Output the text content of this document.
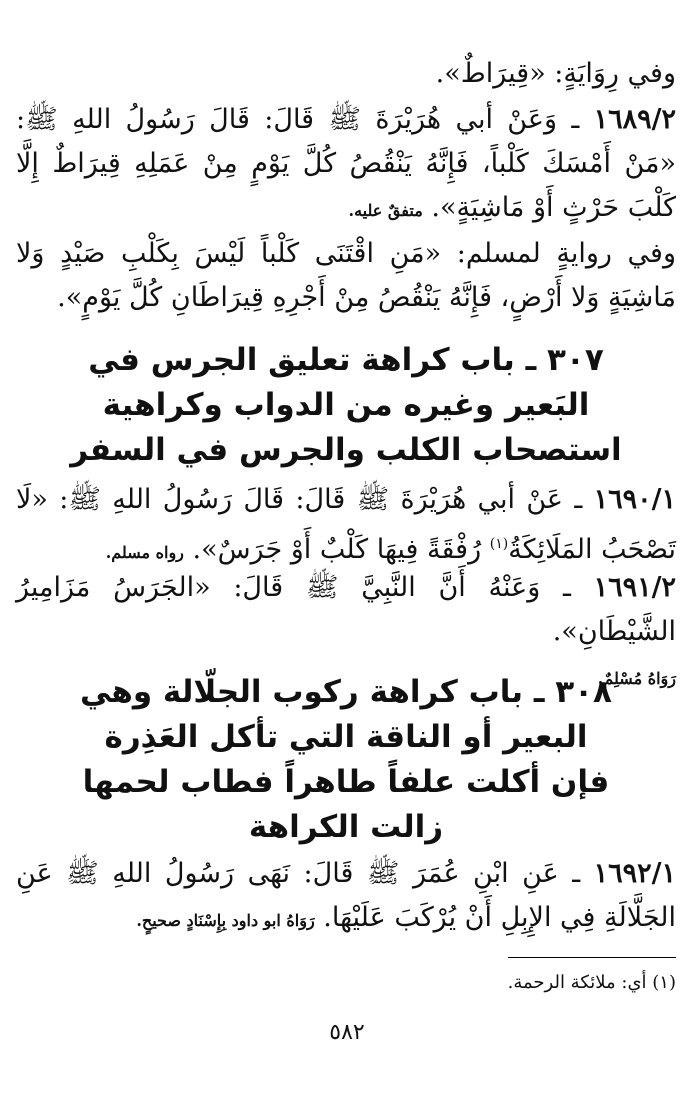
وفي رِوَايَةٍ: «قِيرَاطٌ».

١٦٨٩/٢ ـ وَعَنْ أبي هُرَيْرَةَ ﷺ قَالَ: قَالَ رَسُولُ اللهِ ﷺ: «مَنْ أَمْسَكَ كَلْباً، فَإِنَّهُ يَنْقُصُ كُلَّ يَوْمٍ مِنْ عَمَلِهِ قِيرَاطٌ إِلَّا كَلْبَ حَرْثٍ أَوْ مَاشِيَةٍ». متفقٌ عليه.

وفي روايةٍ لمسلم: «مَنِ اقْتَنَى كَلْباً لَيْسَ بِكَلْبِ صَيْدٍ وَلا مَاشِيَةٍ وَلا أَرْضٍ، فَإِنَّهُ يَنْقُصُ مِنْ أَجْرِهِ قِيرَاطَانِ كُلَّ يَوْمٍ».

٣٠٧ ـ باب كراهة تعليق الجرس في

البَعير وغيره من الدواب وكراهية

استصحاب الكلب والجرس في السفر

١٦٩٠/١ ـ عَنْ أبي هُرَيْرَةَ ﷺ قَالَ: قَالَ رَسُولُ اللهِ ﷺ: «لَا تَصْحَبُ المَلَائِكَةُ$^{(١)}$ رُفْقَةً فِيهَا كَلْبٌ أَوْ جَرَسٌ». رواه مسلم.

١٦٩١/٢ ـ وَعَنْهُ أَنَّ النَّبِيَّ ﷺ قَالَ: «الجَرَسُ مَزَامِيرُ الشَّيْطَانِ».
رَوَاهُ مُسْلِمٌ.

٣٠٨ ـ باب كراهة ركوب الجلّالة وهي

البعير أو الناقة التي تأكل العَذِرة

فإن أكلت علفاً طاهراً فطاب لحمها

زالت الكراهة

١٦٩٢/١ ـ عَنِ ابْنِ عُمَرَ ﷺ قَالَ: نَهَى رَسُولُ اللهِ ﷺ عَنِ الجَلَّالَةِ فِي الإِبِلِ أَنْ يُرْكَبَ عَلَيْهَا. رَوَاهُ ابو داود بِإِسْنَادٍ صحيحٍ.

(١) أي: ملائكة الرحمة.
٥٨٢
